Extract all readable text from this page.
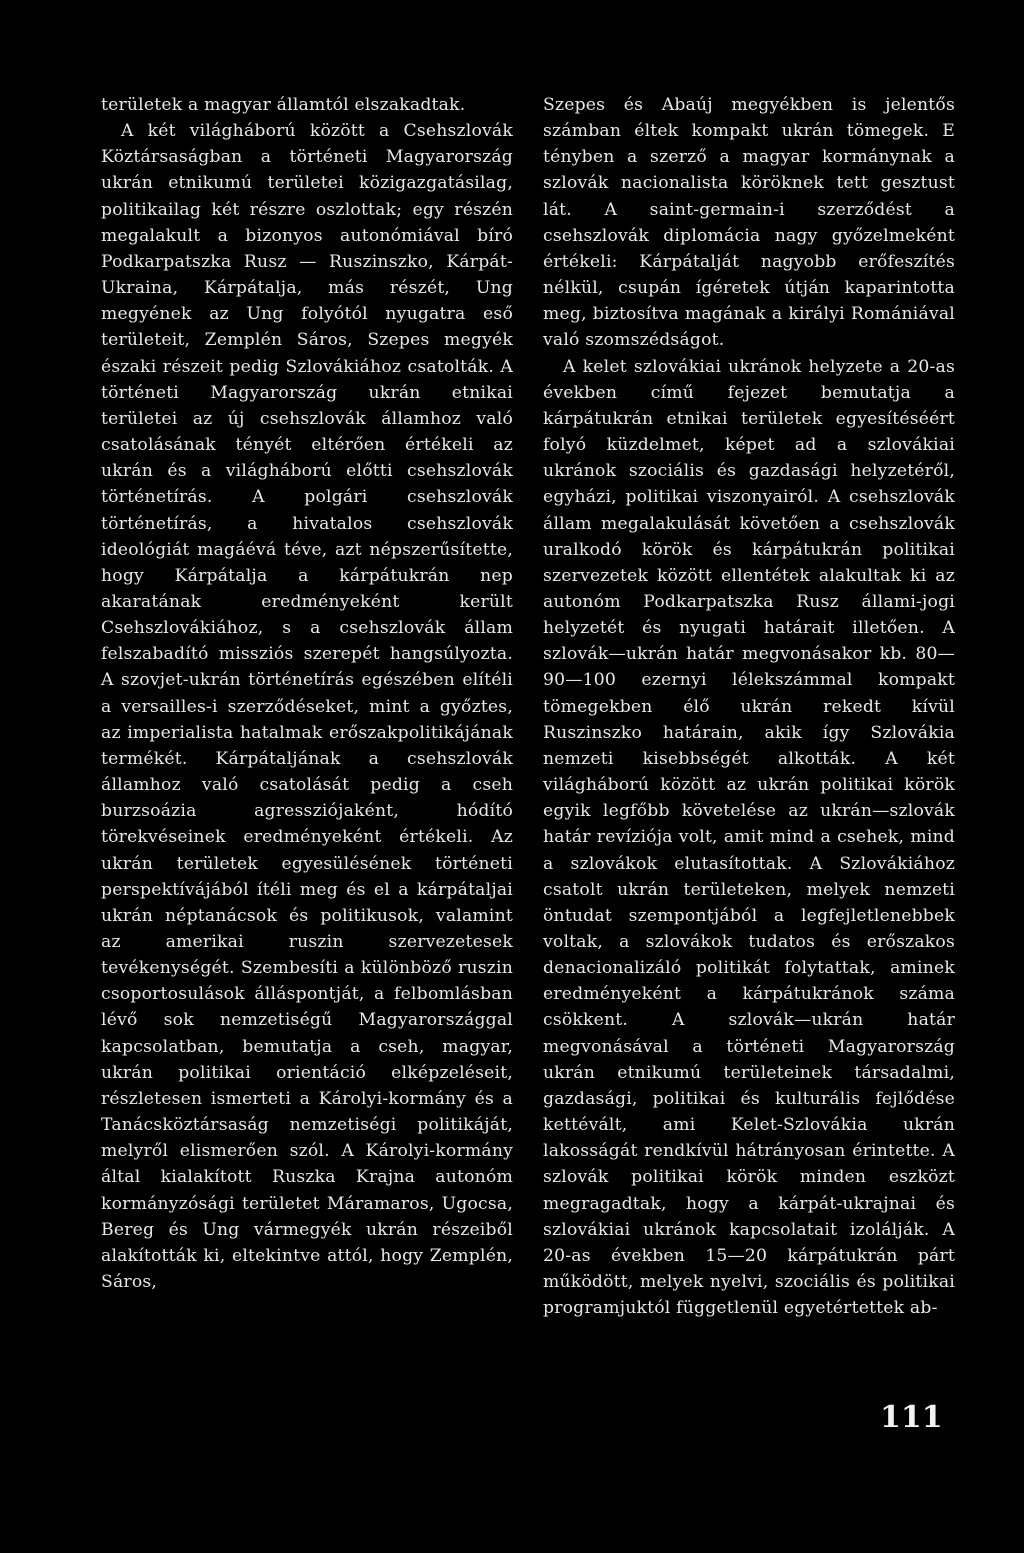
területek a magyar államtól elszakadtak.

A két világháború között a Csehszlovák Köztársaságban a történeti Magyarország ukrán etnikumú területei közigazgatásilag, politikailag két részre oszlottak; egy részén megalakult a bizonyos autonómiával bíró Podkarpatszka Rusz — Ruszinszko, Kárpát-Ukraina, Kárpátalja, más részét, Ung megyének az Ung folyótól nyugatra eső területeit, Zemplén Sáros, Szepes megyék északi részeit pedig Szlovákiához csatolták. A történeti Magyarország ukrán etnikai területei az új csehszlovák államhoz való csatolásának tényét eltérően értékeli az ukrán és a világháború előtti csehszlovák történetírás. A polgári csehszlovák történetírás, a hivatalos csehszlovák ideológiát magáévá téve, azt népszerűsítette, hogy Kárpátalja a kárpátukrán nep akaratának eredményeként került Csehszlovákiához, s a csehszlovák állam felszabadító missziós szerepét hangsúlyozta. A szovjet-ukrán történetírás egészében elítéli a versailles-i szerződéseket, mint a győztes, az imperialista hatalmak erőszakpolitikájának termékét. Kárpátaljának a csehszlovák államhoz való csatolását pedig a cseh burzsoázia agressziójaként, hódító törekvéseinek eredményeként értékeli. Az ukrán területek egyesülésének történeti perspektívájából ítéli meg és el a kárpátaljai ukrán néptanácsok és politikusok, valamint az amerikai ruszin szervezetesek tevékenységét. Szembesíti a különböző ruszin csoportosulások álláspontját, a felbomlásban lévő sok nemzetiségű Magyarországgal kapcsolatban, bemutatja a cseh, magyar, ukrán politikai orientáció elképzeléseit, részletesen ismerteti a Károlyi-kormány és a Tanácsköztársaság nemzetiségi politikáját, melyről elismerően szól. A Károlyi-kormány által kialakított Ruszka Krajna autonóm kormányzósági területet Máramaros, Ugocsa, Bereg és Ung vármegyék ukrán részeiből alakították ki, eltekintve attól, hogy Zemplén, Sáros,

Szepes és Abaúj megyékben is jelentős számban éltek kompakt ukrán tömegek. E tényben a szerző a magyar kormánynak a szlovák nacionalista köröknek tett gesztust lát. A saint-germain-i szerződést a csehszlovák diplomácia nagy győzelmeként értékeli: Kárpátalját nagyobb erőfeszítés nélkül, csupán ígéretek útján kaparintotta meg, biztosítva magának a királyi Romániával való szomszédságot.

A kelet szlovákiai ukránok helyzete a 20-as években című fejezet bemutatja a kárpátukrán etnikai területek egyesítéséért folyó küzdelmet, képet ad a szlovákiai ukránok szociális és gazdasági helyzetéről, egyházi, politikai viszonyairól. A csehszlovák állam megalakulását követően a csehszlovák uralkodó körök és kárpátukrán politikai szervezetek között ellentétek alakultak ki az autonóm Podkarpatszka Rusz állami-jogi helyzetét és nyugati határait illetően. A szlovák—ukrán határ megvonásakor kb. 80—90—100 ezernyi lélekszámmal kompakt tömegekben élő ukrán rekedt kívül Ruszinszko határain, akik így Szlovákia nemzeti kisebbségét alkották. A két világháború között az ukrán politikai körök egyik legfőbb követelése az ukrán—szlovák határ revíziója volt, amit mind a csehek, mind a szlovákok elutasítottak. A Szlovákiához csatolt ukrán területeken, melyek nemzeti öntudat szempontjából a legfejletlenebbek voltak, a szlovákok tudatos és erőszakos denacionalizáló politikát folytattak, aminek eredményeként a kárpátukránok száma csökkent. A szlovák—ukrán határ megvonásával a történeti Magyarország ukrán etnikumú területeinek társadalmi, gazdasági, politikai és kulturális fejlődése kettévált, ami Kelet-Szlovákia ukrán lakosságát rendkívül hátrányosan érintette. A szlovák politikai körök minden eszközt megragadtak, hogy a kárpát-ukrajnai és szlovákiai ukránok kapcsolatait izolálják. A 20-as években 15—20 kárpátukrán párt működött, melyek nyelvi, szociális és politikai programjuktól függetlenül egyetértettek ab-

111
